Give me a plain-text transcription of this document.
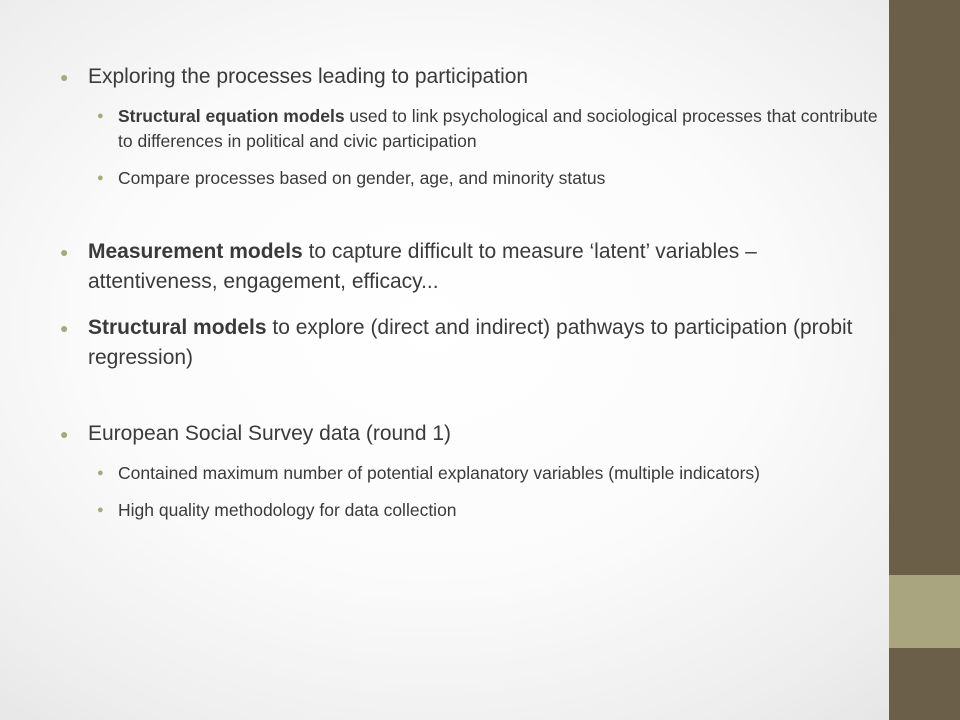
● Exploring the processes leading to participation
● Structural equation models used to link psychological and sociological processes that contribute to differences in political and civic participation
● Compare processes based on gender, age, and minority status
● Measurement models to capture difficult to measure ‘latent’ variables – attentiveness, engagement, efficacy...
● Structural models to explore (direct and indirect) pathways to participation (probit regression)
● European Social Survey data (round 1)
● Contained maximum number of potential explanatory variables (multiple indicators)
● High quality methodology for data collection
